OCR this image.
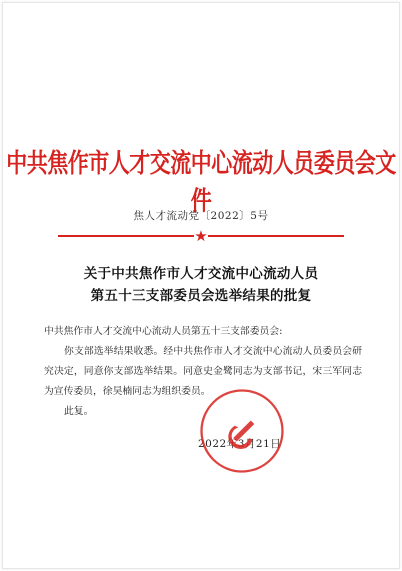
中共焦作市人才交流中心流动人员委员会文件
焦人才流动党〔2022〕5号
★
关于中共焦作市人才交流中心流动人员
第五十三支部委员会选举结果的批复
中共焦作市人才交流中心流动人员第五十三支部委员会:
你支部选举结果收悉。经中共焦作市人才交流中心流动人员委员会研究决定，同意你支部选举结果。同意史金鹭同志为支部书记，宋三军同志为宣传委员，徐昊楠同志为组织委员。
此复。
2022年3月21日
